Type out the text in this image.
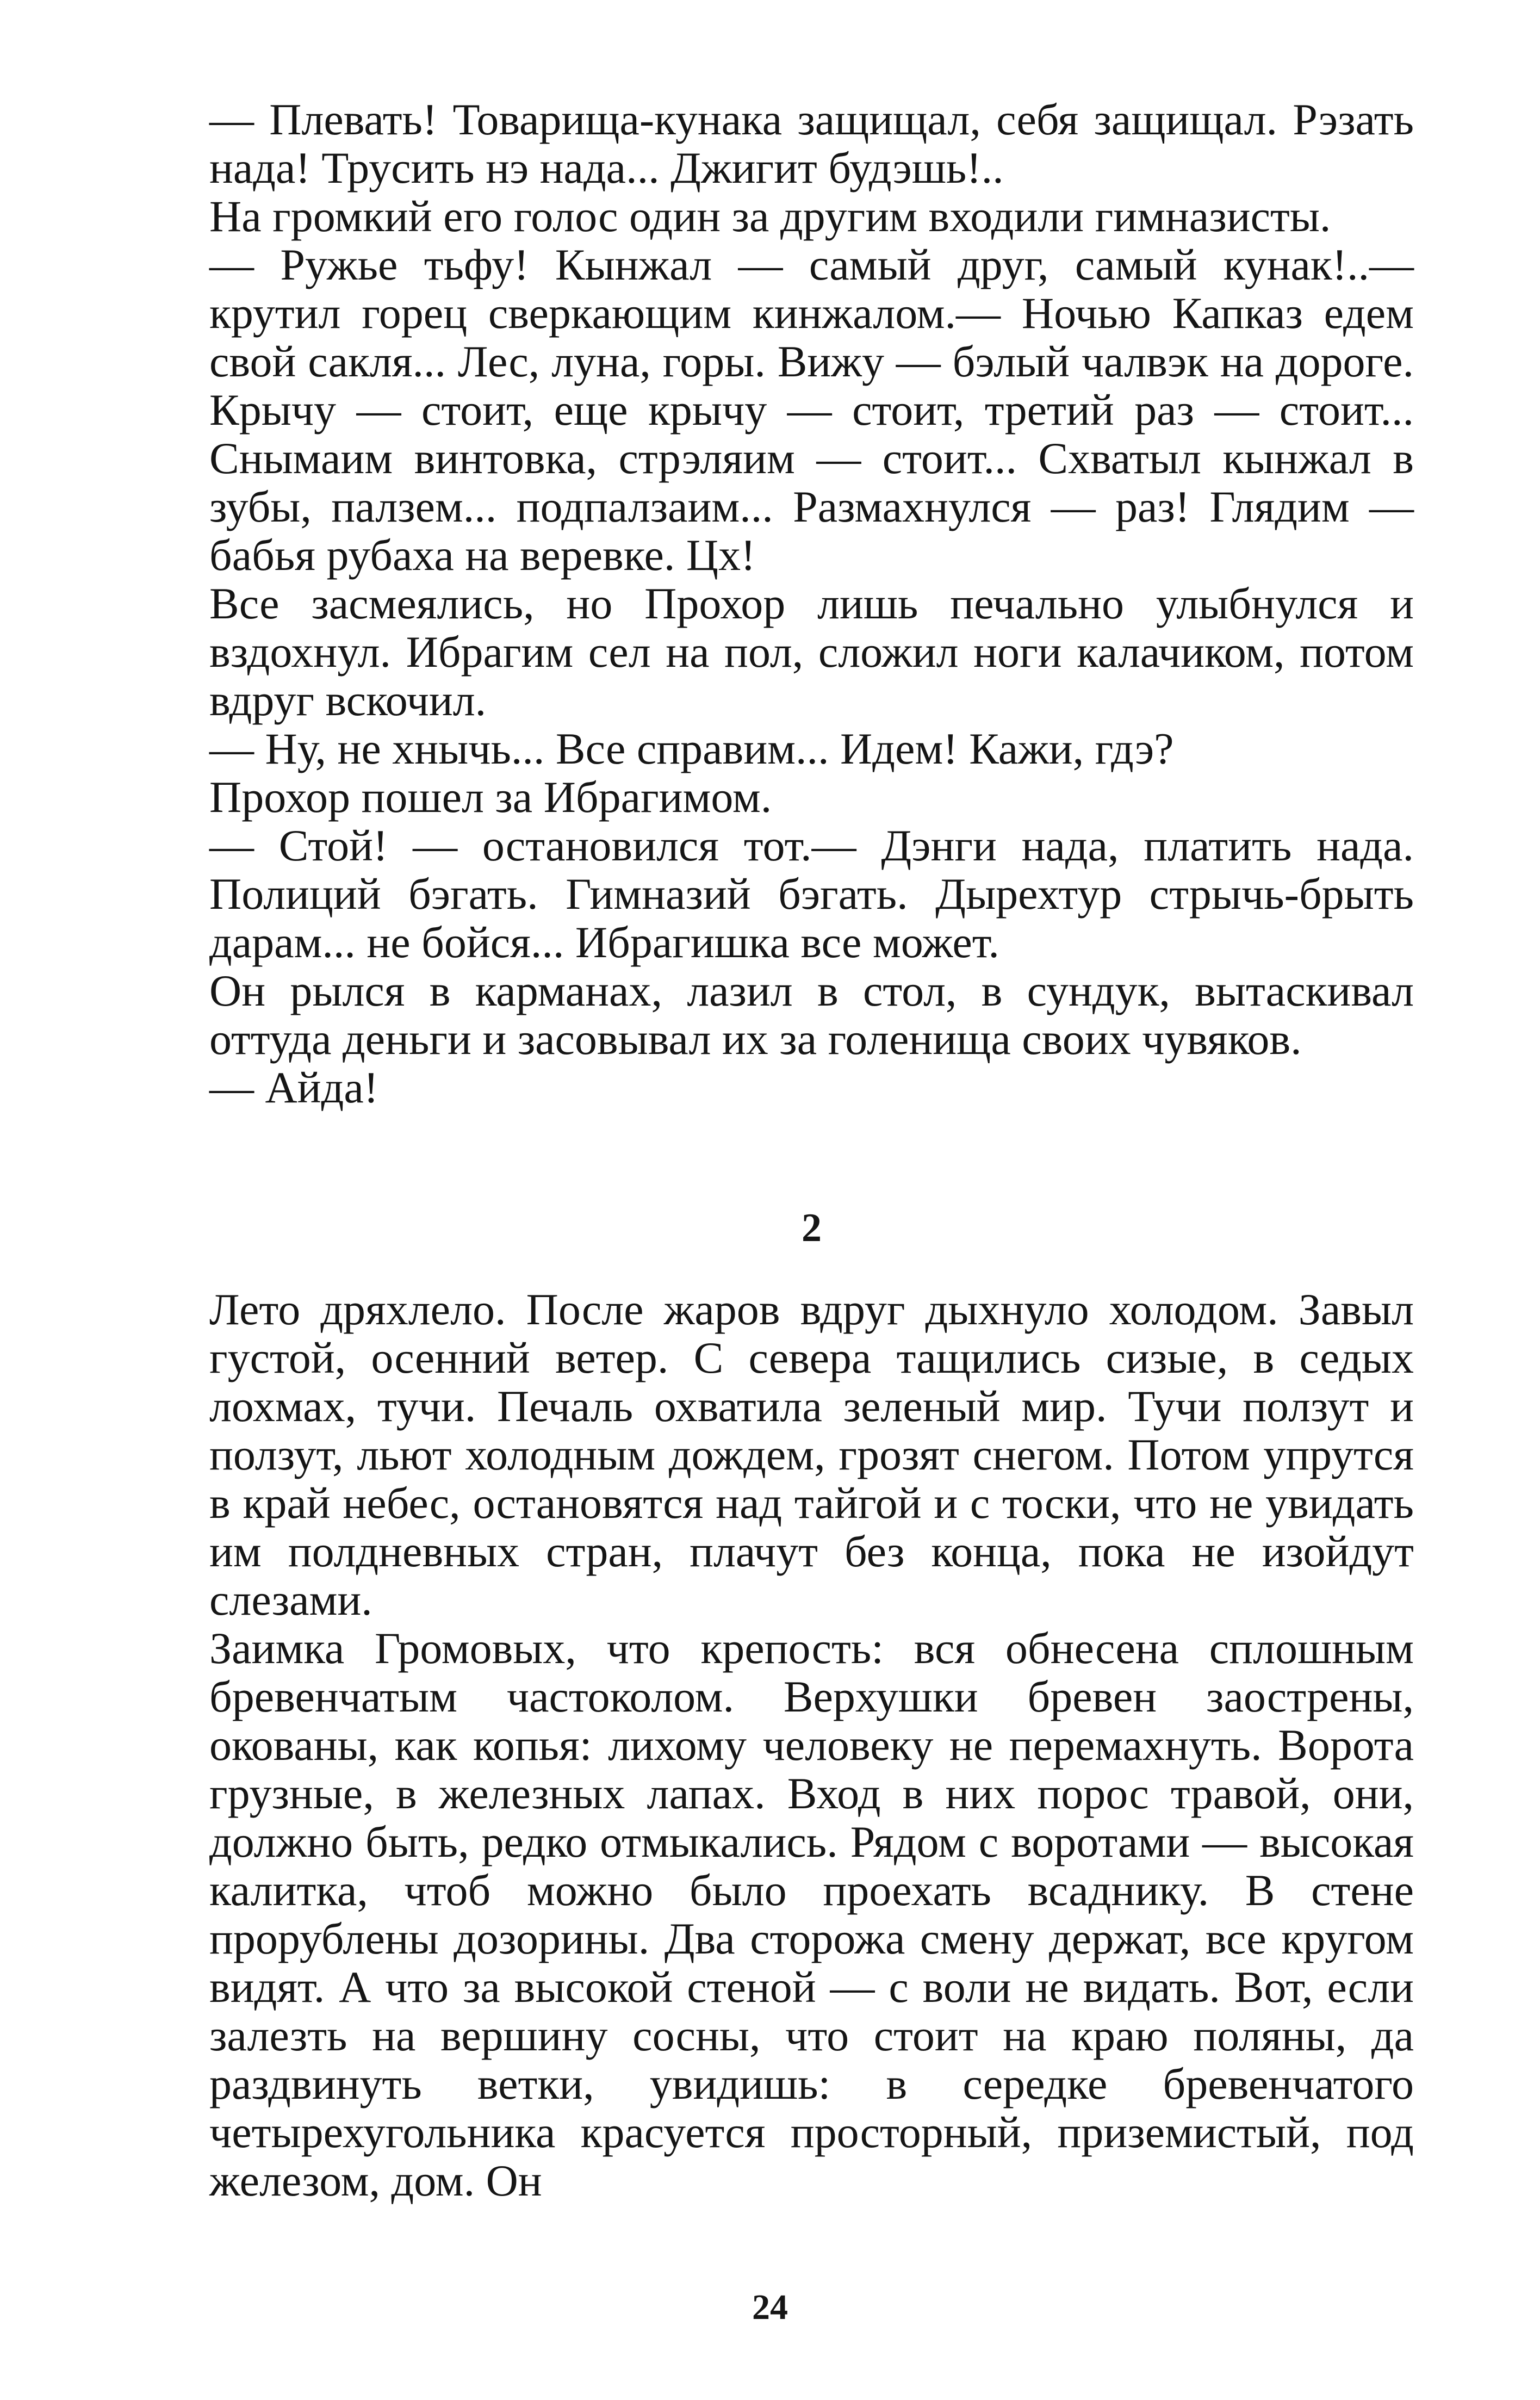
— Плевать! Товарища-кунака защищал, себя защищал. Рэзать нада! Трусить нэ нада... Джигит будэшь!..

На громкий его голос один за другим входили гимназисты.

— Ружье тьфу! Кынжал — самый друг, самый кунак!..— крутил горец сверкающим кинжалом.— Ночью Капказ едем свой сакля... Лес, луна, горы. Вижу — бэлый чалвэк на дороге. Крычу — стоит, еще крычу — стоит, третий раз — стоит... Снымаим винтовка, стрэляим — стоит... Схватыл кынжал в зубы, палзем... подпалзаим... Размахнулся — раз! Глядим — бабья рубаха на веревке. Цх!

Все засмеялись, но Прохор лишь печально улыбнулся и вздохнул. Ибрагим сел на пол, сложил ноги калачиком, потом вдруг вскочил.

— Ну, не хнычь... Все справим... Идем! Кажи, гдэ?

Прохор пошел за Ибрагимом.

— Стой! — остановился тот.— Дэнги нада, платить нада. Полиций бэгать. Гимназий бэгать. Дырехтур стрычь-брыть дарам... не бойся... Ибрагишка все может.

Он рылся в карманах, лазил в стол, в сундук, вытаскивал оттуда деньги и засовывал их за голенища своих чувяков.

— Айда!

2

Лето дряхлело. После жаров вдруг дыхнуло холодом. Завыл густой, осенний ветер. С севера тащились сизые, в седых лохмах, тучи. Печаль охватила зеленый мир. Тучи ползут и ползут, льют холодным дождем, грозят снегом. Потом упрутся в край небес, остановятся над тайгой и с тоски, что не увидать им полдневных стран, плачут без конца, пока не изойдут слезами.

Заимка Громовых, что крепость: вся обнесена сплошным бревенчатым частоколом. Верхушки бревен заострены, окованы, как копья: лихому человеку не перемахнуть. Ворота грузные, в железных лапах. Вход в них порос травой, они, должно быть, редко отмыкались. Рядом с воротами — высокая калитка, чтоб можно было проехать всаднику. В стене прорублены дозорины. Два сторожа смену держат, все кругом видят. А что за высокой стеной — с воли не видать. Вот, если залезть на вершину сосны, что стоит на краю поляны, да раздвинуть ветки, увидишь: в середке бревенчатого четырехугольника красуется просторный, приземистый, под железом, дом. Он

24
